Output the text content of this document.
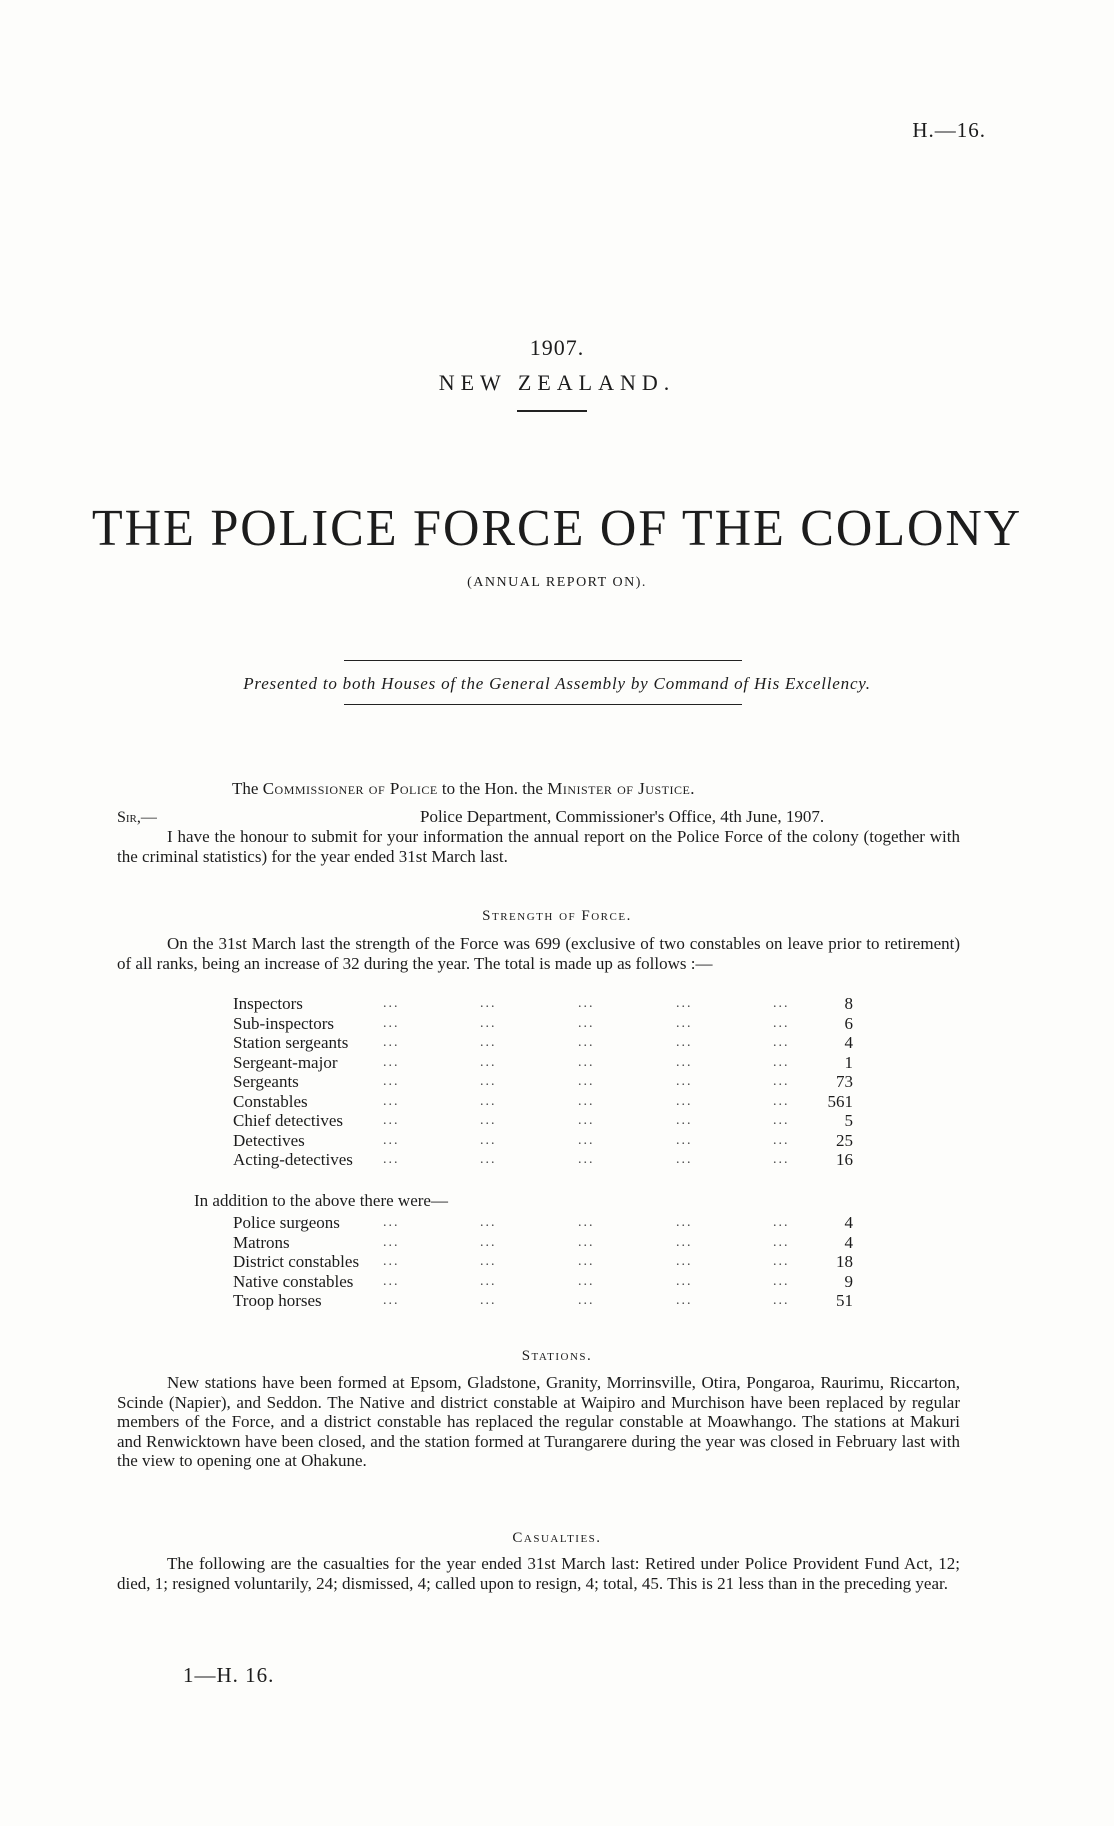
H.—16.
1907.
NEW ZEALAND.
THE POLICE FORCE OF THE COLONY
(ANNUAL REPORT ON).
Presented to both Houses of the General Assembly by Command of His Excellency.
The Commissioner of Police to the Hon. the Minister of Justice.
Sir,—	Police Department, Commissioner's Office, 4th June, 1907.

I have the honour to submit for your information the annual report on the Police Force of the colony (together with the criminal statistics) for the year ended 31st March last.

Strength of Force.

On the 31st March last the strength of the Force was 699 (exclusive of two constables on leave prior to retirement) of all ranks, being an increase of 32 during the year. The total is made up as follows :—

Inspectors	...	...	...	...	...	8
Sub-inspectors	...	...	...	...	...	6
Station sergeants ...	...	...	...	...	4
Sergeant-major	...	...	...	...	...	1
Sergeants	...	...	...	...	...	73
Constables	...	...	...	...	...	561
Chief detectives	...	...	...	...	...	5
Detectives	...	...	...	...	...	25
Acting-detectives ...	...	...	...	...	16
In addition to the above there were—
Police surgeons	...	...	...	...	...	4
Matrons	...	...	...	...	...	4
District constables ...	...	...	...	...	18
Native constables ...	...	...	...	...	9
Troop horses	...	...	...	...	...	51
Stations.

New stations have been formed at Epsom, Gladstone, Granity, Morrinsville, Otira, Pongaroa, Raurimu, Riccarton, Scinde (Napier), and Seddon. The Native and district constable at Waipiro and Murchison have been replaced by regular members of the Force, and a district constable has replaced the regular constable at Moawhango. The stations at Makuri and Renwicktown have been closed, and the station formed at Turangarere during the year was closed in February last with the view to opening one at Ohakune.

Casualties.

The following are the casualties for the year ended 31st March last: Retired under Police Provident Fund Act, 12; died, 1; resigned voluntarily, 24; dismissed, 4; called upon to resign, 4; total, 45. This is 21 less than in the preceding year.

1—H. 16.
